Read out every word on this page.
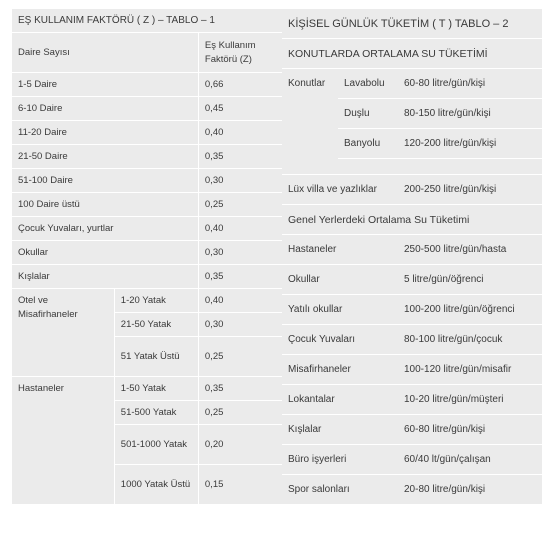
EŞ KULLANIM FAKTÖRÜ ( Z ) – TABLO – 1		
Daire Sayısı		Eş Kullanım Faktörü (Z)
1-5 Daire		0,66
6-10 Daire		0,45
11-20 Daire		0,40
21-50 Daire		0,35
51-100 Daire		0,30
100 Daire üstü		0,25
Çocuk Yuvaları, yurtlar		0,40
Okullar		0,30
Kışlalar		0,35
Otel ve Misafirhaneler	1-20 Yatak	0,40
	21-50 Yatak	0,30
	51 Yatak Üstü	0,25
Hastaneler	1-50 Yatak	0,35
	51-500 Yatak	0,25
	501-1000 Yatak	0,20
	1000 Yatak Üstü	0,15
KİŞİSEL GÜNLÜK TÜKETİM ( T ) TABLO – 2		
KONUTLARDA ORTALAMA SU TÜKETİMİ		
Konutlar	Lavabolu	60-80 litre/gün/kişi
	Duşlu	80-150 litre/gün/kişi
	Banyolu	120-200 litre/gün/kişi

Lüx villa ve yazlıklar		200-250 litre/gün/kişi
Genel Yerlerdeki Ortalama Su Tüketimi		
Hastaneler		250-500 litre/gün/hasta
Okullar		5 litre/gün/öğrenci
Yatılı okullar		100-200 litre/gün/öğrenci
Çocuk Yuvaları		80-100 litre/gün/çocuk
Misafirhaneler		100-120 litre/gün/misafir
Lokantalar		10-20 litre/gün/müşteri
Kışlalar		60-80 litre/gün/kişi
Büro işyerleri		60/40 lt/gün/çalışan
Spor salonları		20-80 litre/gün/kişi
